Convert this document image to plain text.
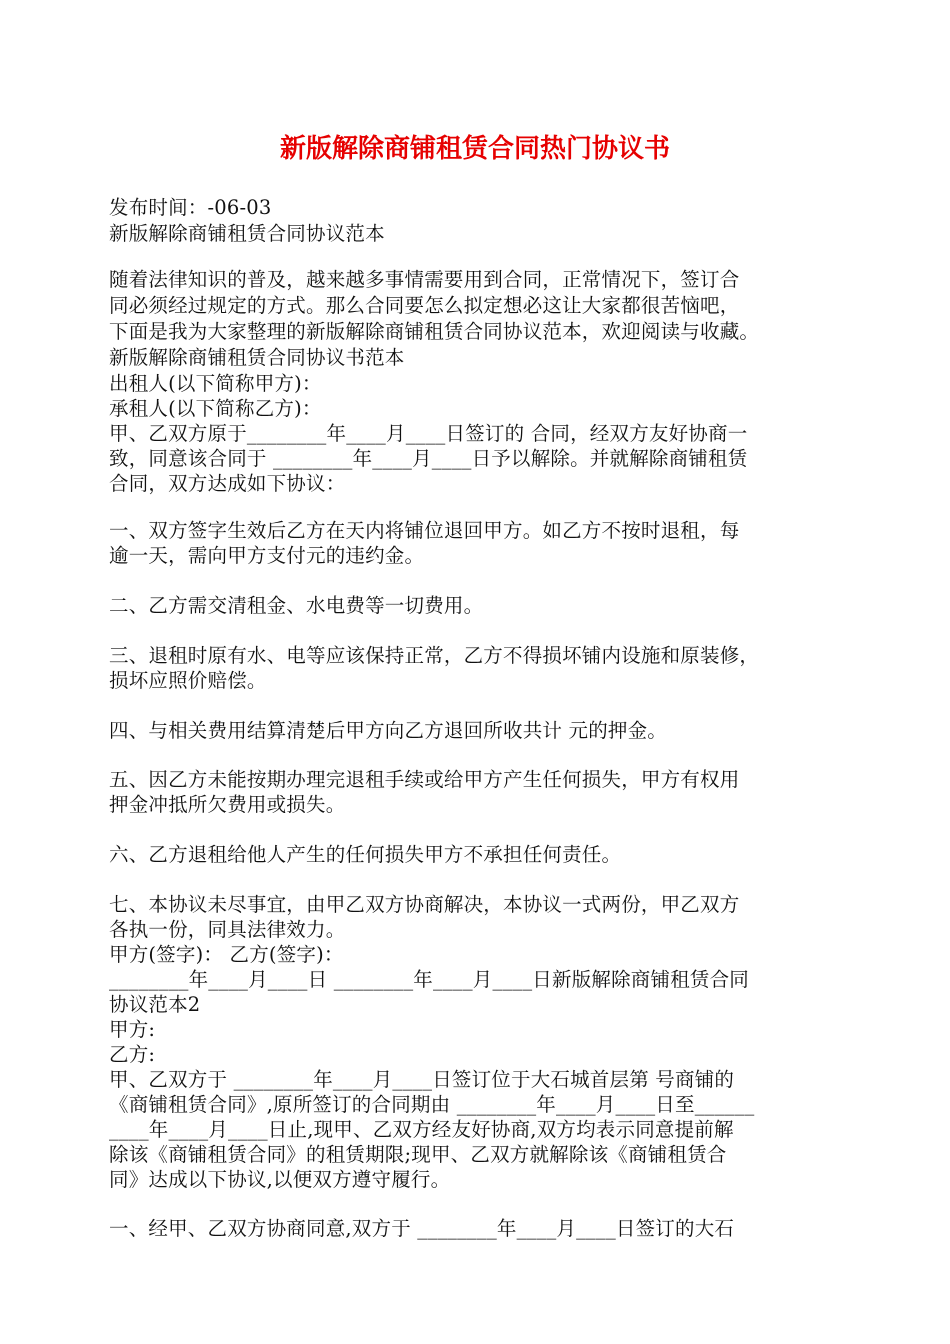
新版解除商铺租赁合同热门协议书
发布时间：-06-03
新版解除商铺租赁合同协议范本
随着法律知识的普及，越来越多事情需要用到合同，正常情况下，签订合
同必须经过规定的方式。那么合同要怎么拟定想必这让大家都很苦恼吧，
下面是我为大家整理的新版解除商铺租赁合同协议范本，欢迎阅读与收藏。
新版解除商铺租赁合同协议书范本
出租人(以下简称甲方)：
承租人(以下简称乙方)：
甲、乙双方原于________年____月____日签订的 合同，经双方友好协商一
致，同意该合同于 ________年____月____日予以解除。并就解除商铺租赁
合同，双方达成如下协议：
一、双方签字生效后乙方在天内将铺位退回甲方。如乙方不按时退租，每
逾一天，需向甲方支付元的违约金。
二、乙方需交清租金、水电费等一切费用。
三、退租时原有水、电等应该保持正常，乙方不得损坏铺内设施和原装修，
损坏应照价赔偿。
四、与相关费用结算清楚后甲方向乙方退回所收共计 元的押金。
五、因乙方未能按期办理完退租手续或给甲方产生任何损失，甲方有权用
押金冲抵所欠费用或损失。
六、乙方退租给他人产生的任何损失甲方不承担任何责任。
七、本协议未尽事宜，由甲乙双方协商解决，本协议一式两份，甲乙双方
各执一份，同具法律效力。
甲方(签字)： 乙方(签字)：
________年____月____日 ________年____月____日新版解除商铺租赁合同
协议范本2
甲方:
乙方:
甲、乙双方于 ________年____月____日签订位于大石城首层第 号商铺的
《商铺租赁合同》,原所签订的合同期由 ________年____月____日至______
____年____月____日止,现甲、乙双方经友好协商,双方均表示同意提前解
除该《商铺租赁合同》的租赁期限;现甲、乙双方就解除该《商铺租赁合
同》达成以下协议,以便双方遵守履行。
一、经甲、乙双方协商同意,双方于 ________年____月____日签订的大石
